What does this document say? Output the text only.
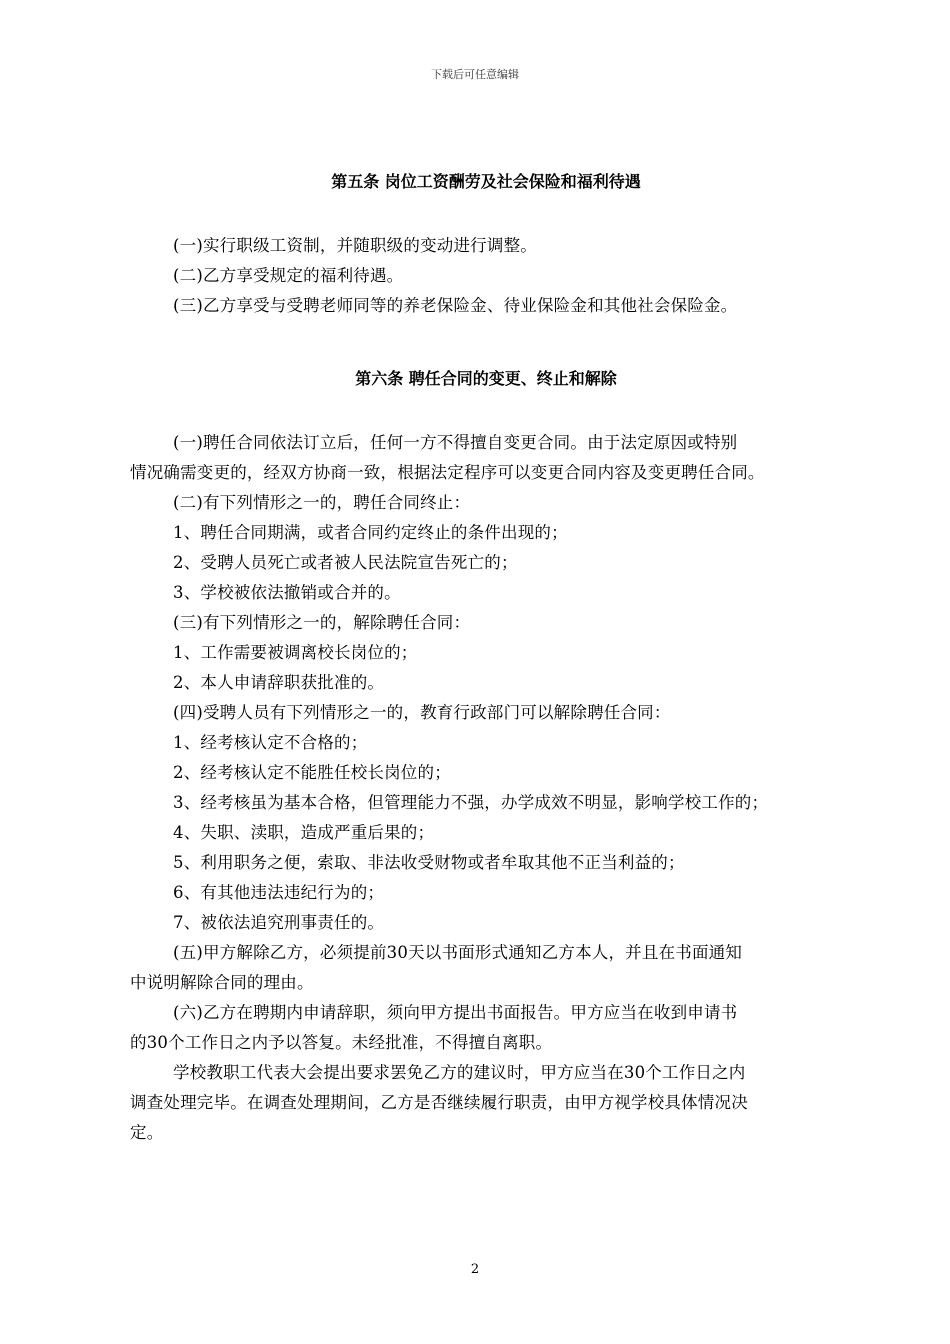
下载后可任意编辑
第五条 岗位工资酬劳及社会保险和福利待遇
(一)实行职级工资制，并随职级的变动进行调整。
(二)乙方享受规定的福利待遇。
(三)乙方享受与受聘老师同等的养老保险金、待业保险金和其他社会保险金。
第六条 聘任合同的变更、终止和解除
(一)聘任合同依法订立后，任何一方不得擅自变更合同。由于法定原因或特别
情况确需变更的，经双方协商一致，根据法定程序可以变更合同内容及变更聘任合同。
(二)有下列情形之一的，聘任合同终止：
1、聘任合同期满，或者合同约定终止的条件出现的；
2、受聘人员死亡或者被人民法院宣告死亡的；
3、学校被依法撤销或合并的。
(三)有下列情形之一的，解除聘任合同：
1、工作需要被调离校长岗位的；
2、本人申请辞职获批准的。
(四)受聘人员有下列情形之一的，教育行政部门可以解除聘任合同：
1、经考核认定不合格的；
2、经考核认定不能胜任校长岗位的；
3、经考核虽为基本合格，但管理能力不强，办学成效不明显，影响学校工作的；
4、失职、渎职，造成严重后果的；
5、利用职务之便，索取、非法收受财物或者牟取其他不正当利益的；
6、有其他违法违纪行为的；
7、被依法追究刑事责任的。
(五)甲方解除乙方，必须提前30天以书面形式通知乙方本人，并且在书面通知
中说明解除合同的理由。
(六)乙方在聘期内申请辞职，须向甲方提出书面报告。甲方应当在收到申请书
的30个工作日之内予以答复。未经批准，不得擅自离职。
学校教职工代表大会提出要求罢免乙方的建议时，甲方应当在30个工作日之内
调查处理完毕。在调查处理期间，乙方是否继续履行职责，由甲方视学校具体情况决
定。
2
